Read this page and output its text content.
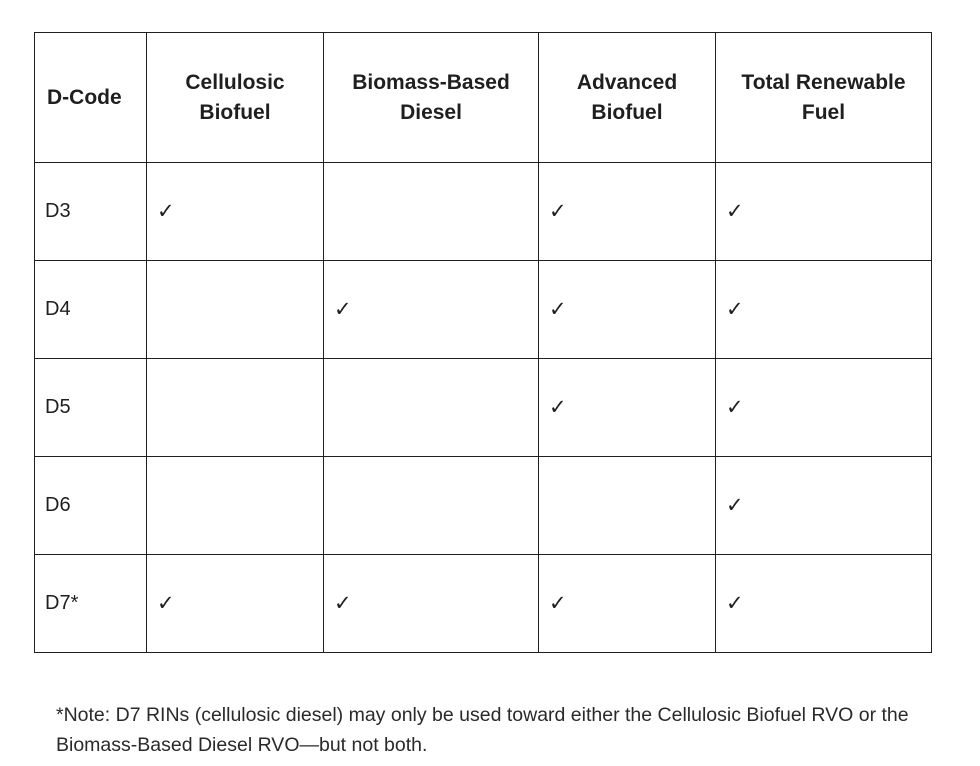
D-Code	Cellulosic Biofuel	Biomass-Based Diesel	Advanced Biofuel	Total Renewable Fuel
D3	✓		✓	✓
D4		✓	✓	✓
D5			✓	✓
D6				✓
D7*	✓	✓	✓	✓

*Note: D7 RINs (cellulosic diesel) may only be used toward either the Cellulosic Biofuel RVO or the Biomass-Based Diesel RVO—but not both.
